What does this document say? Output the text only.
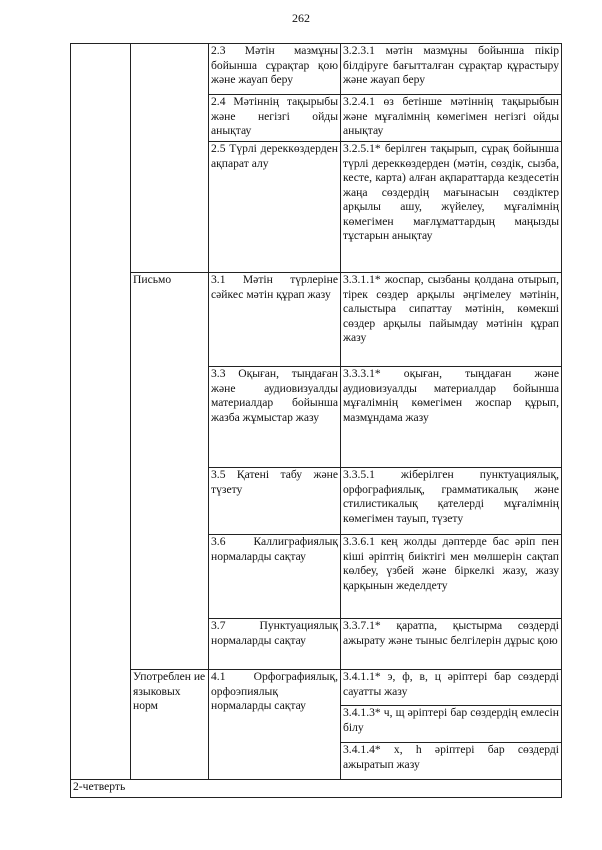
262
		2.3 Мәтін мазмұны бойынша сұрақтар қою және жауап беру	3.2.3.1 мәтін мазмұны бойынша пікір білдіруге бағытталған сұрақтар құрастыру және жауап беру
		2.4 Мәтіннің тақырыбы және негізгі ойды анықтау	3.2.4.1 өз бетінше мәтіннің тақырыбын және мұғалімнің көмегімен негізгі ойды анықтау
		2.5 Түрлі дереккөздерден ақпарат алу	3.2.5.1* берілген тақырып, сұрақ бойынша түрлі дереккөздерден (мәтін, сөздік, сызба, кесте, карта) алған ақпараттарда кездесетін жаңа сөздердің мағынасын сөздіктер арқылы ашу, жүйелеу, мұғалімнің көмегімен мағлұматтардың маңызды тұстарын анықтау
	Письмо	3.1 Мәтін түрлеріне сәйкес мәтін құрап жазу	3.3.1.1* жоспар, сызбаны қолдана отырып, тірек сөздер арқылы әңгімелеу мәтінін, салыстыра сипаттау мәтінін, көмекші сөздер арқылы пайымдау мәтінін құрап жазу
		3.3 Оқыған, тыңдаған және аудиовизуалды материалдар бойынша жазба жұмыстар жазу	3.3.3.1* оқыған, тыңдаған және аудиовизуалды материалдар бойынша мұғалімнің көмегімен жоспар құрып, мазмұндама жазу
		3.5 Қатені табу және түзету	3.3.5.1 жіберілген пунктуациялық, орфографиялық, грамматикалық және стилистикалық қателерді мұғалімнің көмегімен тауып, түзету
		3.6 Каллиграфиялық нормаларды сақтау	3.3.6.1 кең жолды дәптерде бас әріп пен кіші әріптің биіктігі мен мөлшерін сақтап көлбеу, үзбей және біркелкі жазу, жазу қарқынын жеделдету
		3.7 Пунктуациялық нормаларды сақтау	3.3.7.1* қаратпа, қыстырма сөздерді ажырату және тыныс белгілерін дұрыс қою
	Употреблен ие языковых норм	4.1 Орфографиялық, орфоэпиялық нормаларды сақтау	3.4.1.1* э, ф, в, ц әріптері бар сөздерді сауатты жазу
			3.4.1.3* ч, щ әріптері бар сөздердің емлесін білу
			3.4.1.4* х, һ әріптері бар сөздерді ажыратып жазу
2-четверть			
